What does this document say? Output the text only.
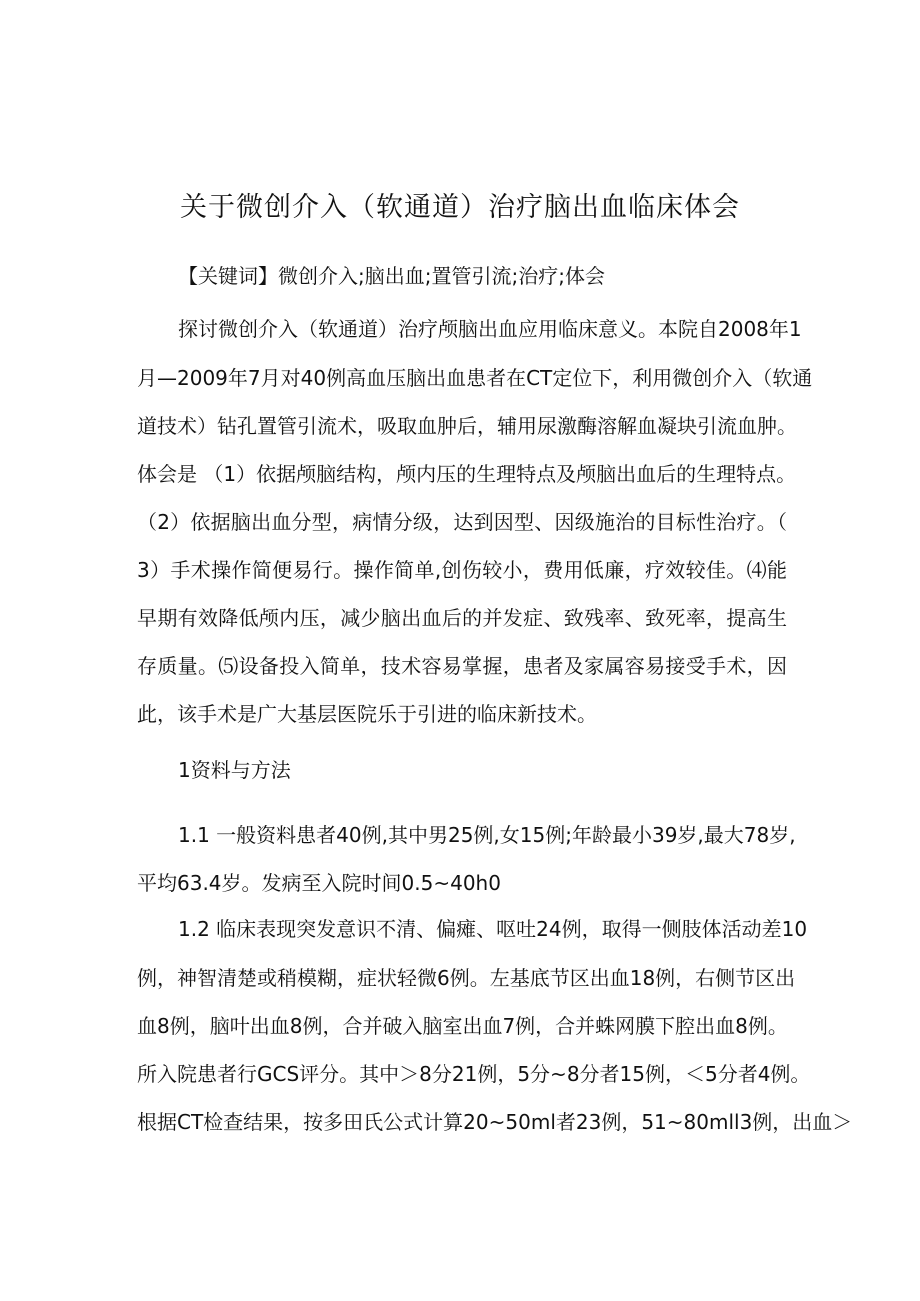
关于微创介入（软通道）治疗脑出血临床体会

【关键词】微创介入;脑出血;置管引流;治疗;体会

探讨微创介入（软通道）治疗颅脑出血应用临床意义。本院自2008年1

月—2009年7月对40例高血压脑出血患者在CT定位下，利用微创介入（软通

道技术）钻孔置管引流术，吸取血肿后，辅用尿激酶溶解血凝块引流血肿。

体会是 （1）依据颅脑结构，颅内压的生理特点及颅脑出血后的生理特点。

（2）依据脑出血分型，病情分级，达到因型、因级施治的目标性治疗。（

3）手术操作简便易行。操作简单,创伤较小，费用低廉，疗效较佳。⑷能

早期有效降低颅内压，减少脑出血后的并发症、致残率、致死率，提高生

存质量。⑸设备投入简单，技术容易掌握，患者及家属容易接受手术，因

此，该手术是广大基层医院乐于引进的临床新技术。

1资料与方法

1.1 一般资料患者40例,其中男25例,女15例;年龄最小39岁,最大78岁,

平均63.4岁。发病至入院时间0.5~40h0

1.2 临床表现突发意识不清、偏瘫、呕吐24例，取得一侧肢体活动差10

例，神智清楚或稍模糊，症状轻微6例。左基底节区出血18例，右侧节区出

血8例，脑叶出血8例，合并破入脑室出血7例，合并蛛网膜下腔出血8例。

所入院患者行GCS评分。其中＞8分21例，5分~8分者15例，＜5分者4例。

根据CT检查结果，按多田氏公式计算20~50ml者23例，51~80mll3例，出血＞
